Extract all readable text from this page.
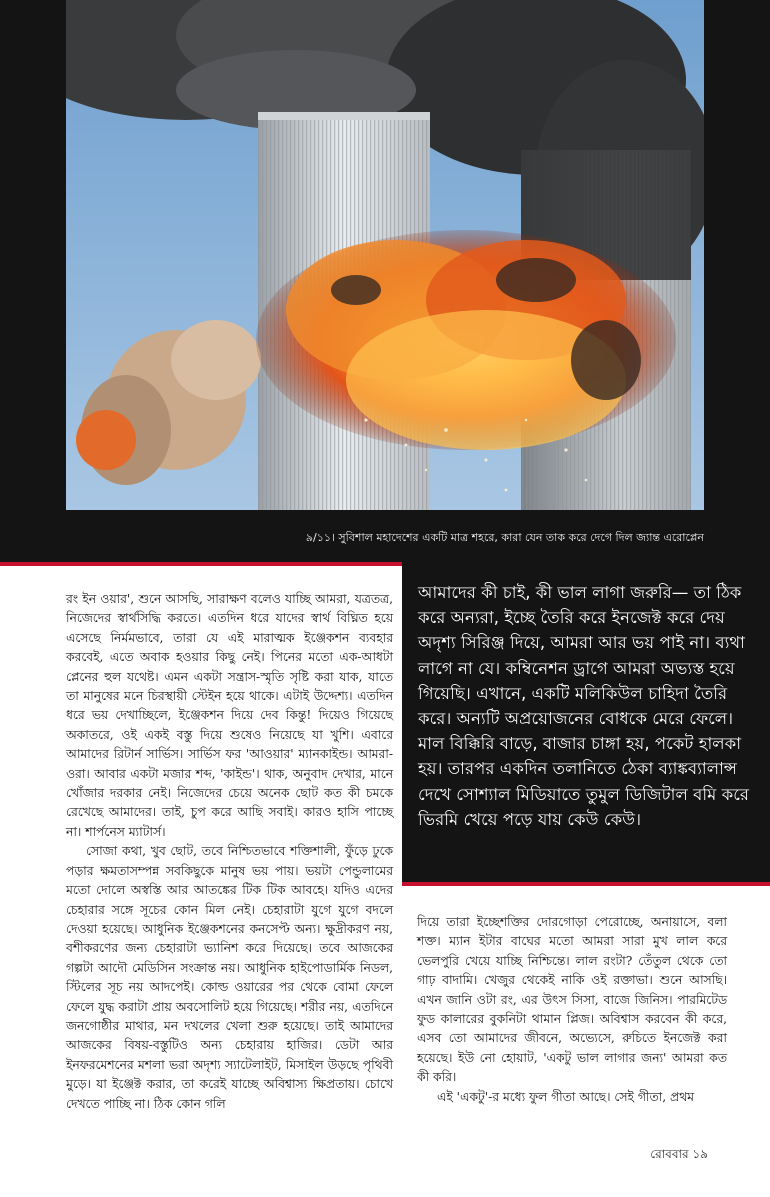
৯/১১। সুবিশাল মহাদেশের একটি মাত্র শহরে, কারা যেন তাক করে দেগে দিল জ্যান্ত এরোপ্লেন
আমাদের কী চাই, কী ভাল লাগা জরুরি— তা ঠিক করে অন্যরা, ইচ্ছে তৈরি করে ইনজেক্ট করে দেয় অদৃশ্য সিরিঞ্জ দিয়ে, আমরা আর ভয় পাই না। ব্যথা লাগে না যে। কম্বিনেশন ড্রাগে আমরা অভ্যস্ত হয়ে গিয়েছি। এখানে, একটি মলিকিউল চাহিদা তৈরি করে। অন্যটি অপ্রয়োজনের বোধকে মেরে ফেলে। মাল বিক্কিরি বাড়ে, বাজার চাঙ্গা হয়, পকেট হালকা হয়। তারপর একদিন তলানিতে ঠেকা ব্যাঙ্কব্যালান্স দেখে সোশ্যাল মিডিয়াতে তুমুল ডিজিটাল বমি করে ভিরমি খেয়ে পড়ে যায় কেউ কেউ।

রং ইন ওয়ার', শুনে আসছি, সারাক্ষণ বলেও যাচ্ছি আমরা, যত্রতত্র, নিজেদের স্বার্থসিদ্ধি করতে। এতদিন ধরে যাদের স্বার্থ বিঘ্নিত হয়ে এসেছে নির্মমভাবে, তারা যে এই মারাত্মক ইঞ্জেকশন ব্যবহার করবেই, এতে অবাক হওয়ার কিছু নেই। পিনের মতো এক-আধটা প্লেনের হুল যথেষ্ট। এমন একটা সন্ত্রাস-স্মৃতি সৃষ্টি করা যাক, যাতে তা মানুষের মনে চিরস্থায়ী স্টেইন হয়ে থাকে। এটাই উদ্দেশ্য। এতদিন ধরে ভয় দেখাচ্ছিলে, ইঞ্জেকশন দিয়ে দেব কিন্তু! দিয়েও গিয়েছে অকাতরে, ওই একই বস্তু দিয়ে শুষেও নিয়েছে যা খুশি। এবারে আমাদের রিটার্ন সার্ভিস। সার্ভিস ফর 'আওয়ার' ম্যানকাইন্ড। আমরা-ওরা। আবার একটা মজার শব্দ, 'কাইন্ড'। থাক, অনুবাদ দেখার, মানে খোঁজার দরকার নেই। নিজেদের চেয়ে অনেক ছোট কত কী চমকে রেখেছে আমাদের। তাই, চুপ করে আছি সবাই। কারও হাসি পাচ্ছে না। শার্পনেস ম্যাটার্স।

সোজা কথা, খুব ছোট, তবে নিশ্চিতভাবে শক্তিশালী, ফুঁড়ে ঢুকে পড়ার ক্ষমতাসম্পন্ন সবকিছুকে মানুষ ভয় পায়। ভয়টা পেন্ডুলামের মতো দোলে অস্বস্তি আর আতঙ্কের টিক টিক আবহে। যদিও এদের চেহারার সঙ্গে সূচের কোন মিল নেই। চেহারাটা যুগে যুগে বদলে দেওয়া হয়েছে। আধুনিক ইঞ্জেকশনের কনসেপ্ট অন্য। ক্ষুদ্রীকরণ নয়, বশীকরণের জন্য চেহারাটা ভ্যানিশ করে দিয়েছে। তবে আজকের গল্পটা আদৌ মেডিসিন সংক্রান্ত নয়। আধুনিক হাইপোডার্মিক নিডল, স্টিলের সূচ নয় আদপেই। কোল্ড ওয়ারের পর থেকে বোমা ফেলে ফেলে যুদ্ধ করাটা প্রায় অবসোলিট হয়ে গিয়েছে। শরীর নয়, এতদিনে জনগোষ্ঠীর মাথার, মন দখলের খেলা শুরু হয়েছে। তাই আমাদের আজকের বিষয়-বস্তুটিও অন্য চেহারায় হাজির। ডেটা আর ইনফরমেশনের মশলা ভরা অদৃশ্য স্যাটেলাইট, মিসাইল উড়ছে পৃথিবী মুড়ে। যা ইঞ্জেক্ট করার, তা করেই যাচ্ছে অবিশ্বাস্য ক্ষিপ্রতায়। চোখে দেখতে পাচ্ছি না। ঠিক কোন গলি

দিয়ে তারা ইচ্ছেশক্তির দোরগোড়া পেরোচ্ছে, অনায়াসে, বলা শক্ত। ম্যান ইটার বাঘের মতো আমরা সারা মুখ লাল করে ভেলপুরি খেয়ে যাচ্ছি নিশ্চিন্তে। লাল রংটা? তেঁতুল থেকে তো গাঢ় বাদামি। খেজুর থেকেই নাকি ওই রক্তাভা। শুনে আসছি। এখন জানি ওটা রং, এর উৎস সিসা, বাজে জিনিস। পারমিটেড ফুড কালারের বুকনিটা থামান প্লিজ। অবিশ্বাস করবেন কী করে, এসব তো আমাদের জীবনে, অভ্যেসে, রুচিতে ইনজেক্ট করা হয়েছে। ইউ নো হোয়াট, 'একটু ভাল লাগার জন্য' আমরা কত কী করি।

এই 'একটু'-র মধ্যে ফুল গীতা আছে। সেই গীতা, প্রথম

রোববার ১৯
